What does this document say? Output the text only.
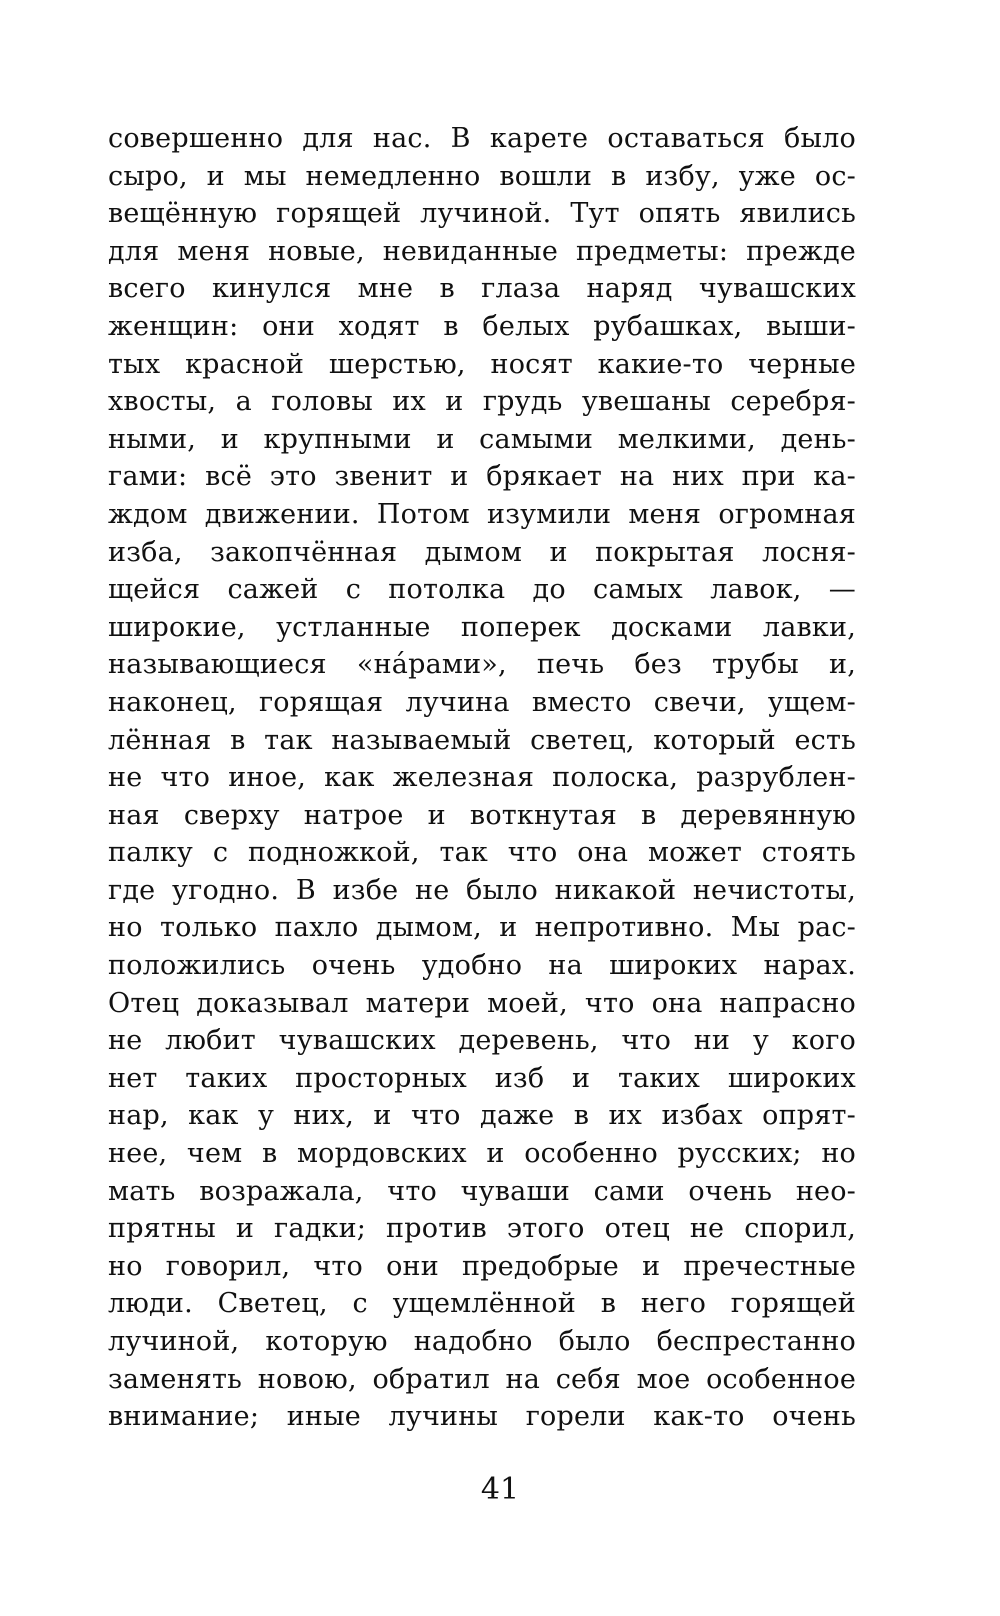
совершенно для нас. В карете оставаться было
сыро, и мы немедленно вошли в избу, уже ос-
вещённую горящей лучиной. Тут опять явились
для меня новые, невиданные предметы: прежде
всего кинулся мне в глаза наряд чувашских
женщин: они ходят в белых рубашках, выши-
тых красной шерстью, носят какие-то черные
хвосты, а головы их и грудь увешаны серебря-
ными, и крупными и самыми мелкими, день-
гами: всё это звенит и брякает на них при ка-
ждом движении. Потом изумили меня огромная
изба, закопчённая дымом и покрытая лосня-
щейся сажей с потолка до самых лавок, —
широкие, устланные поперек досками лавки,
называющиеся «на́рами», печь без трубы и,
наконец, горящая лучина вместо свечи, ущем-
лённая в так называемый светец, который есть
не что иное, как железная полоска, разрублен-
ная сверху натрое и воткнутая в деревянную
палку с подножкой, так что она может стоять
где угодно. В избе не было никакой нечистоты,
но только пахло дымом, и непротивно. Мы рас-
положились очень удобно на широких нарах.
Отец доказывал матери моей, что она напрасно
не любит чувашских деревень, что ни у кого
нет таких просторных изб и таких широких
нар, как у них, и что даже в их избах опрят-
нее, чем в мордовских и особенно русских; но
мать возражала, что чуваши сами очень нео-
прятны и гадки; против этого отец не спорил,
но говорил, что они предобрые и пречестные
люди. Светец, с ущемлённой в него горящей
лучиной, которую надобно было беспрестанно
заменять новою, обратил на себя мое особенное
внимание; иные лучины горели как-то очень
41
